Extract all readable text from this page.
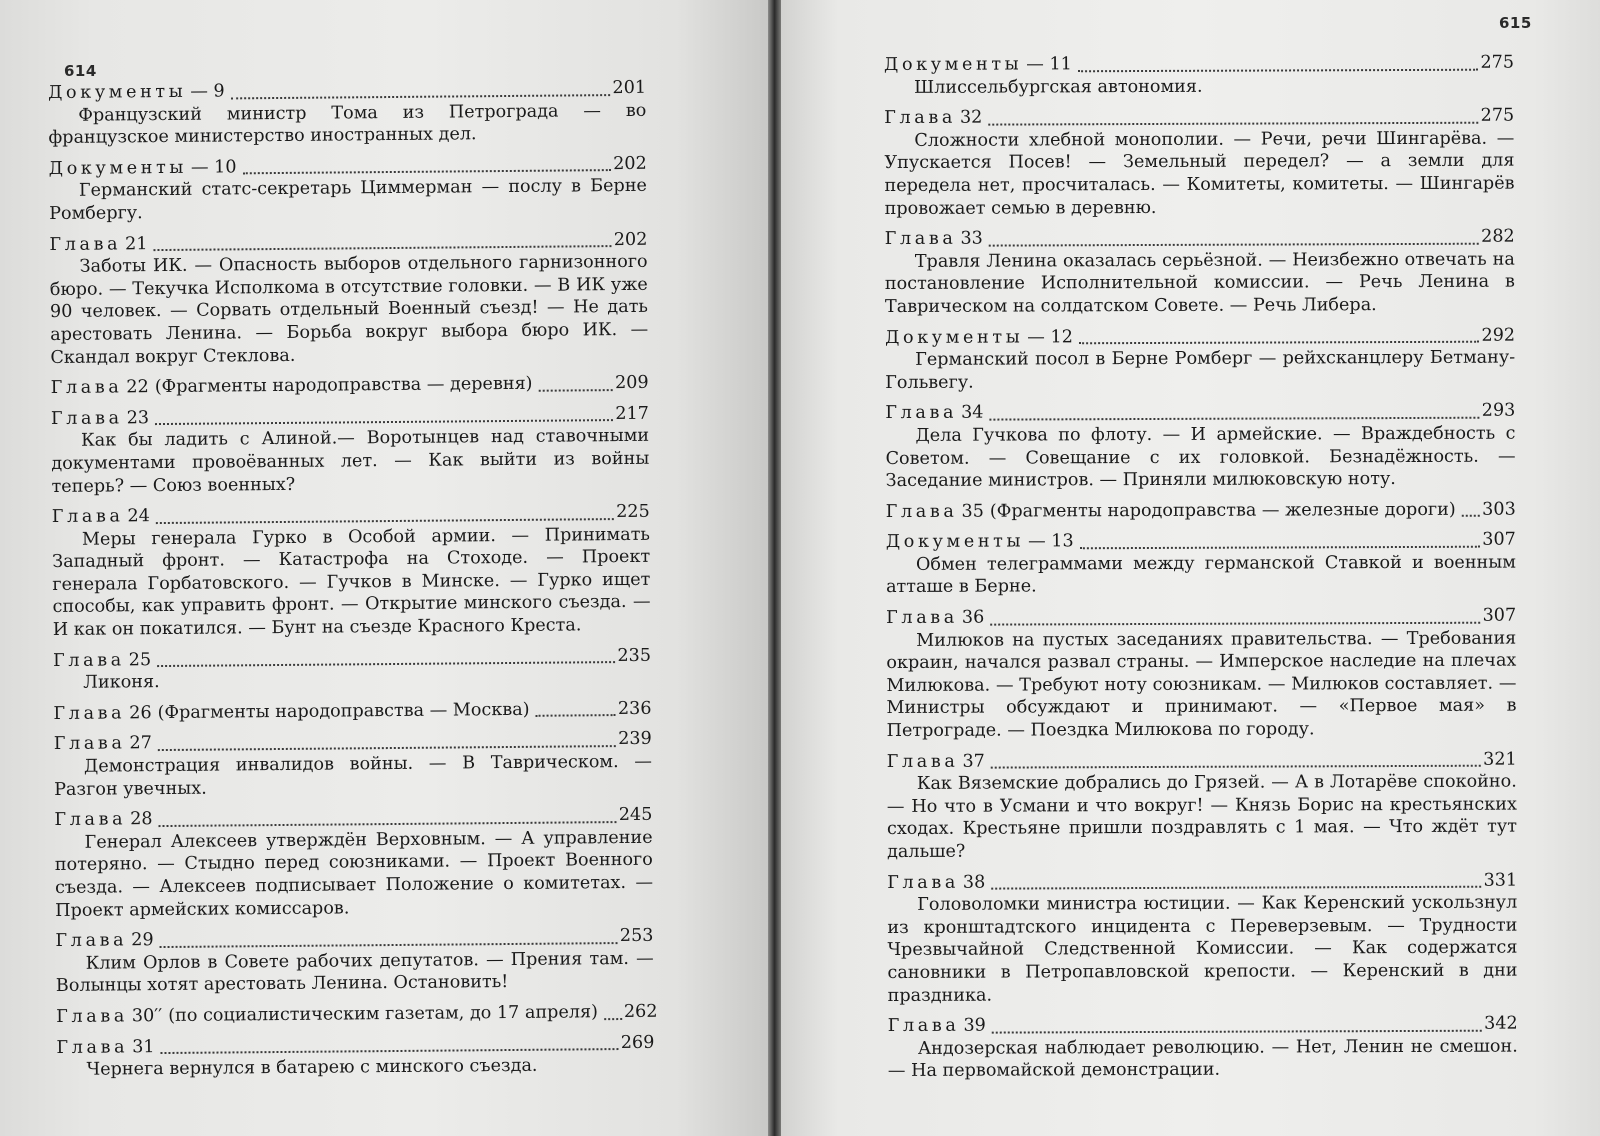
614
Документы — 9	201
Французский министр Тома из Петрограда — во французское министерство иностранных дел.
Документы — 10	202
Германский статс-секретарь Циммерман — послу в Берне Ромбергу.
Глава 21	202
Заботы ИК. — Опасность выборов отдельного гарнизонного бюро. — Текучка Исполкома в отсутствие головки. — В ИК уже 90 человек. — Сорвать отдельный Военный съезд! — Не дать арестовать Ленина. — Борьба вокруг выбора бюро ИК. — Скандал вокруг Стеклова.
Глава 22 (Фрагменты народоправства — деревня)	209
Глава 23	217
Как бы ладить с Алиной.— Воротынцев над ставочными документами провоёванных лет. — Как выйти из войны теперь? — Союз военных?
Глава 24	225
Меры генерала Гурко в Особой армии. — Принимать Западный фронт. — Катастрофа на Стоходе. — Проект генерала Горбатовского. — Гучков в Минске. — Гурко ищет способы, как управить фронт. — Открытие минского съезда. — И как он покатился. — Бунт на съезде Красного Креста.
Глава 25	235
Ликоня.
Глава 26 (Фрагменты народоправства — Москва)	236
Глава 27	239
Демонстрация инвалидов войны. — В Таврическом. — Разгон увечных.
Глава 28	245
Генерал Алексеев утверждён Верховным. — А управление потеряно. — Стыдно перед союзниками. — Проект Военного съезда. — Алексеев подписывает Положение о комитетах. — Проект армейских комиссаров.
Глава 29	253
Клим Орлов в Совете рабочих депутатов. — Прения там. — Волынцы хотят арестовать Ленина. Остановить!
Глава 30′′ (по социалистическим газетам, до 17 апреля) 262
Глава 31	269
Чернега вернулся в батарею с минского съезда.
615
Документы — 11	275
Шлиссельбургская автономия.
Глава 32	275
Сложности хлебной монополии. — Речи, речи Шингарёва. — Упускается Посев! — Земельный передел? — а земли для передела нет, просчиталась. — Комитеты, комитеты. — Шингарёв провожает семью в деревню.
Глава 33	282
Травля Ленина оказалась серьёзной. — Неизбежно отвечать на постановление Исполнительной комиссии. — Речь Ленина в Таврическом на солдатском Совете. — Речь Либера.
Документы — 12	292
Германский посол в Берне Ромберг — рейхсканцлеру Бетману-Гольвегу.
Глава 34	293
Дела Гучкова по флоту. — И армейские. — Враждебность с Советом. — Совещание с их головкой. Безнадёжность. — Заседание министров. — Приняли милюковскую ноту.
Глава 35 (Фрагменты народоправства — железные дороги) 303
Документы — 13	307
Обмен телеграммами между германской Ставкой и военным атташе в Берне.
Глава 36	307
Милюков на пустых заседаниях правительства. — Требования окраин, начался развал страны. — Имперское наследие на плечах Милюкова. — Требуют ноту союзникам. — Милюков составляет. — Министры обсуждают и принимают. — «Первое мая» в Петрограде. — Поездка Милюкова по городу.
Глава 37	321
Как Вяземские добрались до Грязей. — А в Лотарёве спокойно. — Но что в Усмани и что вокруг! — Князь Борис на крестьянских сходах. Крестьяне пришли поздравлять с 1 мая. — Что ждёт тут дальше?
Глава 38	331
Головоломки министра юстиции. — Как Керенский ускользнул из кронштадтского инцидента с Переверзевым. — Трудности Чрезвычайной Следственной Комиссии. — Как содержатся сановники в Петропавловской крепости. — Керенский в дни праздника.
Глава 39	342
Андозерская наблюдает революцию. — Нет, Ленин не смешон. — На первомайской демонстрации.
